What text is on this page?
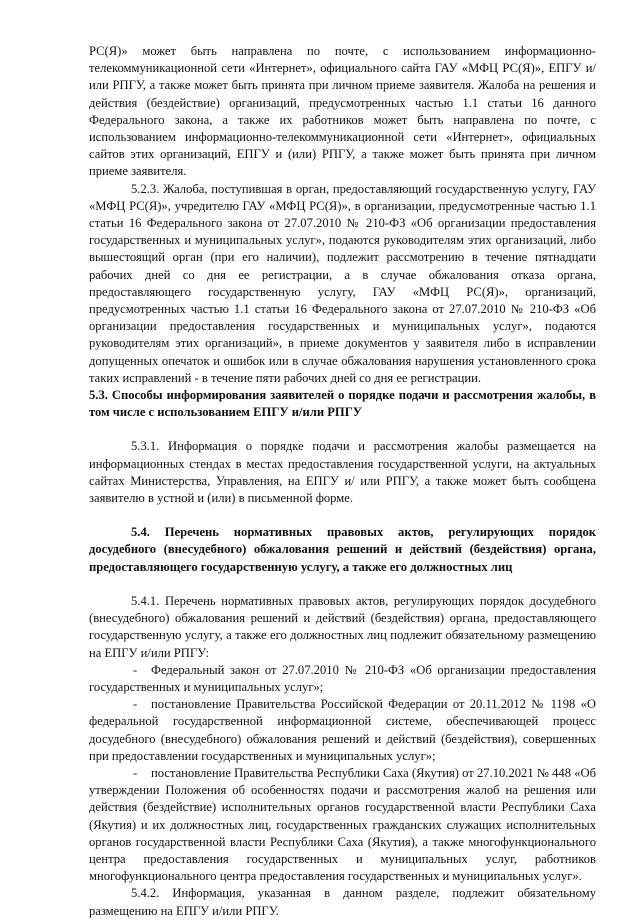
РС(Я)» может быть направлена по почте, с использованием информационно-телекоммуникационной сети «Интернет», официального сайта ГАУ «МФЦ РС(Я)», ЕПГУ и/или РПГУ, а также может быть принята при личном приеме заявителя. Жалоба на решения и действия (бездействие) организаций, предусмотренных частью 1.1 статьи 16 данного Федерального закона, а также их работников может быть направлена по почте, с использованием информационно-телекоммуникационной сети «Интернет», официальных сайтов этих организаций, ЕПГУ и (или) РПГУ, а также может быть принята при личном приеме заявителя.

5.2.3. Жалоба, поступившая в орган, предоставляющий государственную услугу, ГАУ «МФЦ РС(Я)», учредителю ГАУ «МФЦ РС(Я)», в организации, предусмотренные частью 1.1 статьи 16 Федерального закона от 27.07.2010 № 210-ФЗ «Об организации предоставления государственных и муниципальных услуг», подаются руководителям этих организаций, либо вышестоящий орган (при его наличии), подлежит рассмотрению в течение пятнадцати рабочих дней со дня ее регистрации, а в случае обжалования отказа органа, предоставляющего государственную услугу, ГАУ «МФЦ РС(Я)», организаций, предусмотренных частью 1.1 статьи 16 Федерального закона от 27.07.2010 № 210-ФЗ «Об организации предоставления государственных и муниципальных услуг», подаются руководителям этих организаций», в приеме документов у заявителя либо в исправлении допущенных опечаток и ошибок или в случае обжалования нарушения установленного срока таких исправлений - в течение пяти рабочих дней со дня ее регистрации.

5.3. Способы информирования заявителей о порядке подачи и рассмотрения жалобы, в том числе с использованием ЕПГУ и/или РПГУ

5.3.1. Информация о порядке подачи и рассмотрения жалобы размещается на информационных стендах в местах предоставления государственной услуги, на актуальных сайтах Министерства, Управления, на ЕПГУ и/ или РПГУ, а также может быть сообщена заявителю в устной и (или) в письменной форме.

5.4. Перечень нормативных правовых актов, регулирующих порядок досудебного (внесудебного) обжалования решений и действий (бездействия) органа, предоставляющего государственную услугу, а также его должностных лиц

5.4.1. Перечень нормативных правовых актов, регулирующих порядок досудебного (внесудебного) обжалования решений и действий (бездействия) органа, предоставляющего государственную услугу, а также его должностных лиц подлежит обязательному размещению на ЕПГУ и/или РПГУ:

- Федеральный закон от 27.07.2010 № 210-ФЗ «Об организации предоставления государственных и муниципальных услуг»;

- постановление Правительства Российской Федерации от 20.11.2012 № 1198 «О федеральной государственной информационной системе, обеспечивающей процесс досудебного (внесудебного) обжалования решений и действий (бездействия), совершенных при предоставлении государственных и муниципальных услуг»;

- постановление Правительства Республики Саха (Якутия) от 27.10.2021 № 448 «Об утверждении Положения об особенностях подачи и рассмотрения жалоб на решения или действия (бездействие) исполнительных органов государственной власти Республики Саха (Якутия) и их должностных лиц, государственных гражданских служащих исполнительных органов государственной власти Республики Саха (Якутия), а также многофункционального центра предоставления государственных и муниципальных услуг, работников многофункционального центра предоставления государственных и муниципальных услуг».

5.4.2. Информация, указанная в данном разделе, подлежит обязательному размещению на ЕПГУ и/или РПГУ.
